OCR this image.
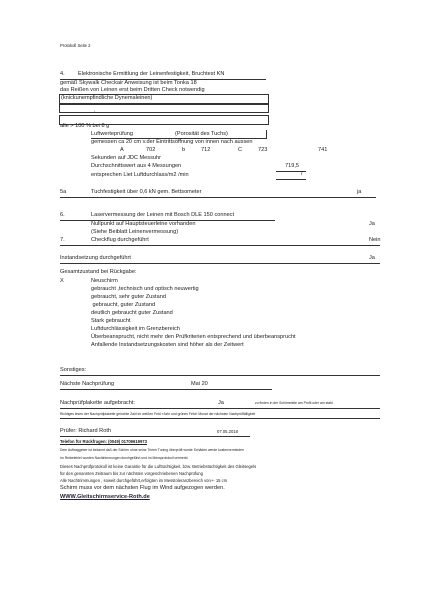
Protokoll Seite 2
4. Elektronische Ermittlung der Leinenfestigkeit, Bruchtest KN
gemäß Skywalk Checkair Anweisung ist beim Tonka 18
das Reißen von Leinen erst beim Dritten Check notwendig
(knickunempfindliche Dynemaleinen)
/
alle > 100 % bei 8 g
Luftwerteprüfung	(Porosität des Tuchs)
gemessen ca 20 cm v.der Eintrittsöffnung von innen nach aussen
A	702	b	712	C	723	741
Sekunden auf JDC Messuhr
Durchschnittswert aus 4 Messungen	719,5
entsprechen Liet Luftdurchlass/m2 /min	7
5a	Tuchfestigkeit über 0,6 kN gem. Bettsometer	ja
6.	Laservermessung der Leinen mit Bosch DLE 150 connect
Nullpunkt auf Hauptsteuerleine vorhanden	Ja
(Siehe Beiblatt Leinenvermessung)
7.	Checkflug durchgeführt	Nein
Instandsetzung durchgeführt	Ja
Gesamtzustand bei Rückgabe:
X	Neuschirm
gebraucht ,technisch und optisch neuwertig
gebraucht, sehr guter Zustand
gebraucht, guter Zustand
deutlich gebraucht guter Zustand
Stark gebraucht
Luftdurchlässigkeit im Grenzbereich
Überbeansprucht, nicht mehr den Prüfkriterien entsprechend und überbeansprucht
Anfallende Instandsetzungskosten sind höher als der Zeitwert
Sonstiges:
Nächste Nachprüfung	Mai 20
Nachprüfplakette aufgebracht:	Ja	zu finden in der Schirmmitte am Profil oder am stabi
Richtiges lesen der Nachprüfplakette gelochte Zahl im weißen Feld »Jahr und grünes Feld« Monat der nächsten Nachprüffälligkeit
Prüfer: Richard Roth	07.05.2018
Telefon für Rückfragen: (0049) 01709619973
Dem Auftraggeber ist bekannt daß der Schirm ohne seine Trimm Tuning überprüft wurde Schäden werde kostenvermieden
Im Reibefehlel wurden Nachtrimmungen durchgeführt und im Messprotokoll vermerkt
Dieses Nachprüfprotokoll ist keine Garantie für die Lufttüchtigkeit, bzw. Betriebstüchtigkeit des Gleitsegels
für den genannten Zeitraum bis zur nächsten vorgeschriebenen Nachprüfung
Alle Nachtrimmungen , soweit durchgeführt,erfolgten im Messtoleranzbereich von+- 15 cm
Schirm muss vor dem nächsten Flug im Wind aufgezogen werden.
WWW.Gleitschirmservice-Roth.de
